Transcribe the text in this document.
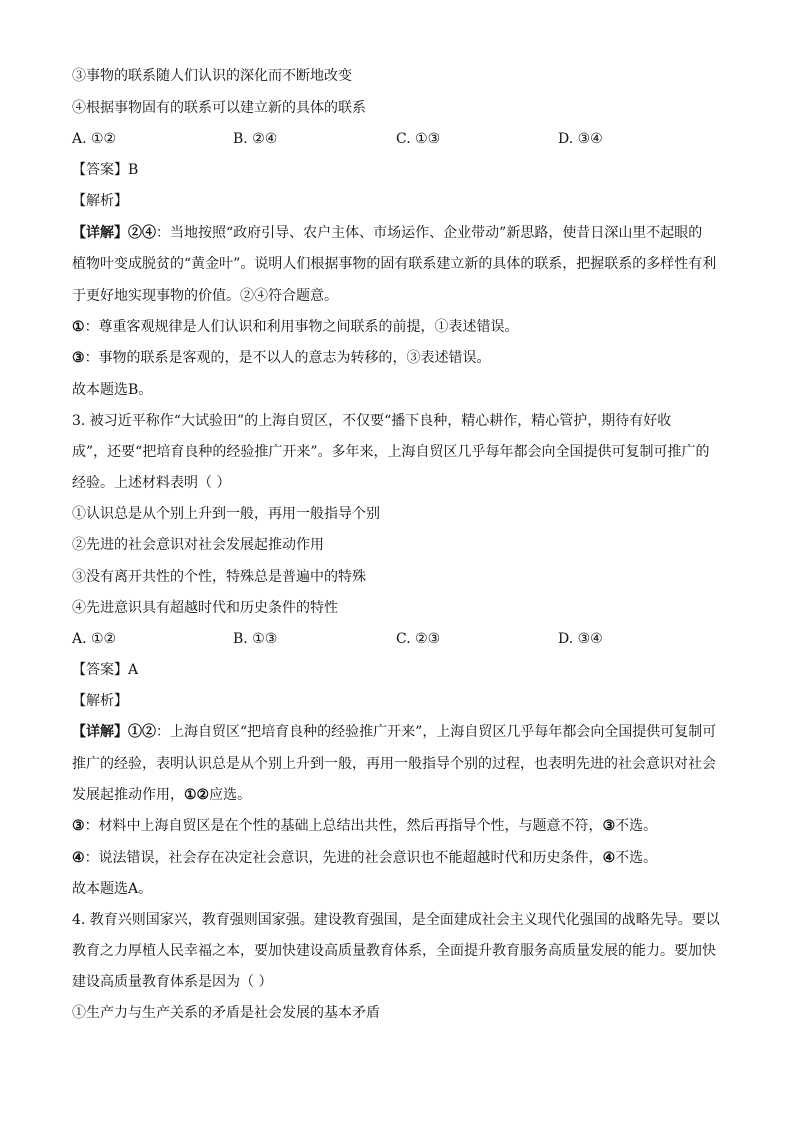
③事物的联系随人们认识的深化而不断地改变
④根据事物固有的联系可以建立新的具体的联系
A. ①②	B. ②④	C. ①③	D. ③④
【答案】B
【解析】
【详解】②④：当地按照“政府引导、农户主体、市场运作、企业带动”新思路，使昔日深山里不起眼的
植物叶变成脱贫的“黄金叶”。说明人们根据事物的固有联系建立新的具体的联系，把握联系的多样性有利
于更好地实现事物的价值。②④符合题意。
①：尊重客观规律是人们认识和利用事物之间联系的前提，①表述错误。
③：事物的联系是客观的，是不以人的意志为转移的，③表述错误。
故本题选B。
3. 被习近平称作“大试验田”的上海自贸区，不仅要“播下良种，精心耕作，精心管护，期待有好收
成”，还要“把培育良种的经验推广开来”。多年来，上海自贸区几乎每年都会向全国提供可复制可推广的
经验。上述材料表明（ ）
①认识总是从个别上升到一般，再用一般指导个别
②先进的社会意识对社会发展起推动作用
③没有离开共性的个性，特殊总是普遍中的特殊
④先进意识具有超越时代和历史条件的特性
A. ①②	B. ①③	C. ②③	D. ③④
【答案】A
【解析】
【详解】①②：上海自贸区“把培育良种的经验推广开来”，上海自贸区几乎每年都会向全国提供可复制可
推广的经验，表明认识总是从个别上升到一般，再用一般指导个别的过程，也表明先进的社会意识对社会
发展起推动作用，①②应选。
③：材料中上海自贸区是在个性的基础上总结出共性，然后再指导个性，与题意不符，③不选。
④：说法错误，社会存在决定社会意识，先进的社会意识也不能超越时代和历史条件，④不选。
故本题选A。
4. 教育兴则国家兴，教育强则国家强。建设教育强国，是全面建成社会主义现代化强国的战略先导。要以
教育之力厚植人民幸福之本，要加快建设高质量教育体系，全面提升教育服务高质量发展的能力。要加快
建设高质量教育体系是因为（ ）
①生产力与生产关系的矛盾是社会发展的基本矛盾
